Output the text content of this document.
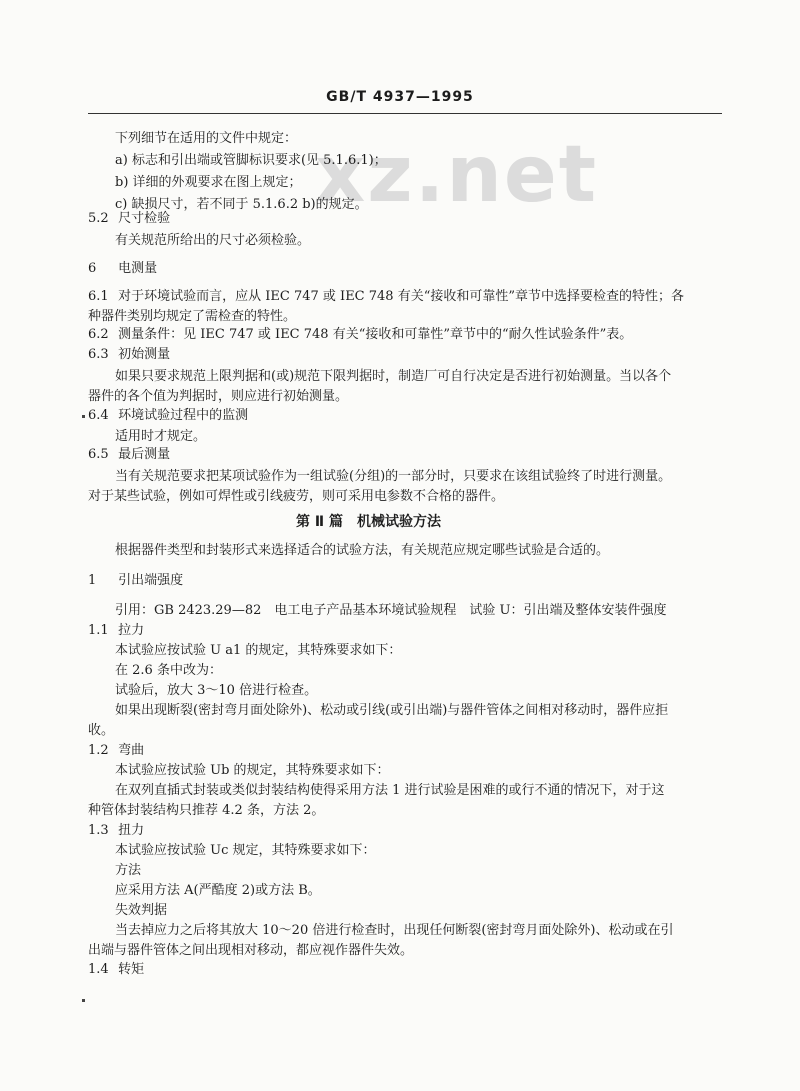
GB/T 4937—1995
xz.net
下列细节在适用的文件中规定：
a) 标志和引出端或管脚标识要求(见 5.1.6.1)；
b) 详细的外观要求在图上规定；
c) 缺损尺寸，若不同于 5.1.6.2 b)的规定。
5.2 尺寸检验
有关规范所给出的尺寸必须检验。
6 电测量
6.1 对于环境试验而言，应从 IEC 747 或 IEC 748 有关“接收和可靠性”章节中选择要检查的特性；各
种器件类别均规定了需检查的特性。
6.2 测量条件：见 IEC 747 或 IEC 748 有关“接收和可靠性”章节中的“耐久性试验条件”表。
6.3 初始测量
如果只要求规范上限判据和(或)规范下限判据时，制造厂可自行决定是否进行初始测量。当以各个
器件的各个值为判据时，则应进行初始测量。
6.4 环境试验过程中的监测
适用时才规定。
6.5 最后测量
当有关规范要求把某项试验作为一组试验(分组)的一部分时，只要求在该组试验终了时进行测量。
对于某些试验，例如可焊性或引线疲劳，则可采用电参数不合格的器件。
第 Ⅱ 篇　机械试验方法
根据器件类型和封装形式来选择适合的试验方法，有关规范应规定哪些试验是合适的。
1 引出端强度
引用：GB 2423.29—82　电工电子产品基本环境试验规程　试验 U：引出端及整体安装件强度
1.1 拉力
本试验应按试验 U a1 的规定，其特殊要求如下：
在 2.6 条中改为：
试验后，放大 3～10 倍进行检查。
如果出现断裂(密封弯月面处除外)、松动或引线(或引出端)与器件管体之间相对移动时，器件应拒
收。
1.2 弯曲
本试验应按试验 Ub 的规定，其特殊要求如下：
在双列直插式封装或类似封装结构使得采用方法 1 进行试验是困难的或行不通的情况下，对于这
种管体封装结构只推荐 4.2 条，方法 2。
1.3 扭力
本试验应按试验 Uc 规定，其特殊要求如下：
方法
应采用方法 A(严酷度 2)或方法 B。
失效判据
当去掉应力之后将其放大 10～20 倍进行检查时，出现任何断裂(密封弯月面处除外)、松动或在引
出端与器件管体之间出现相对移动，都应视作器件失效。
1.4 转矩
